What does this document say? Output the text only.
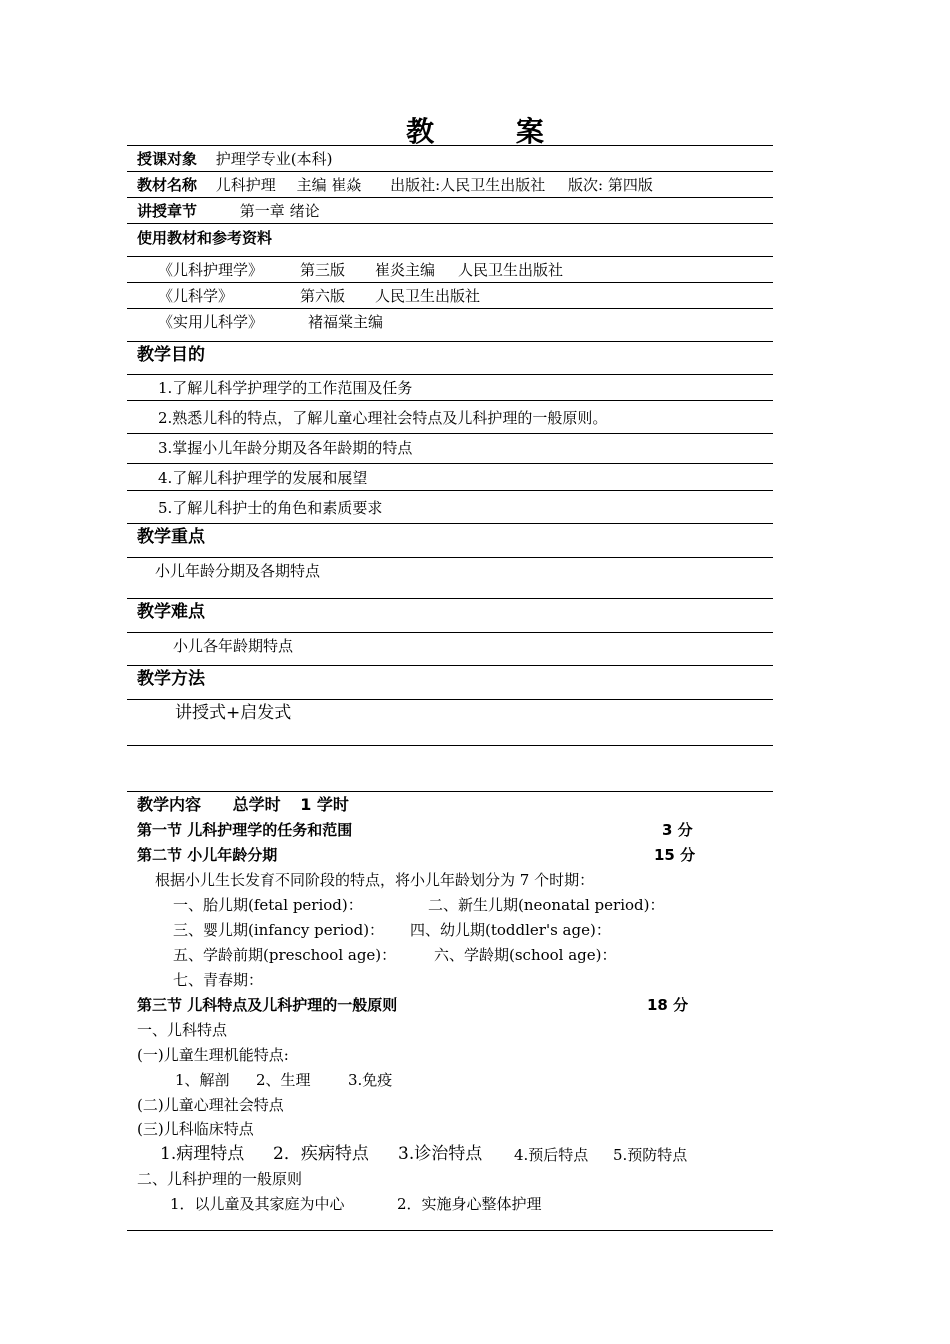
教 案
授课对象 护理学专业(本科)
教材名称 儿科护理 主编 崔焱 出版社:人民卫生出版社 版次: 第四版
讲授章节	第一章 绪论
使用教材和参考资料
《儿科护理学》 第三版 崔炎主编 人民卫生出版社
《儿科学》	第六版 人民卫生出版社
《实用儿科学》	褚福棠主编
教学目的
1.了解儿科学护理学的工作范围及任务
2.熟悉儿科的特点，了解儿童心理社会特点及儿科护理的一般原则。
3.掌握小儿年龄分期及各年龄期的特点
4.了解儿科护理学的发展和展望
5.了解儿科护士的角色和素质要求
教学重点
小儿年龄分期及各期特点
教学难点
小儿各年龄期特点
教学方法
讲授式+启发式
教学内容 总学时 1 学时
第一节 儿科护理学的任务和范围	3 分
第二节 小儿年龄分期	15 分
根据小儿生长发育不同阶段的特点，将小儿年龄划分为 7 个时期：
一、胎儿期(fetal period)：	二、新生儿期(neonatal period)：
三、婴儿期(infancy period)： 四、幼儿期(toddler's age)：
五、学龄前期(preschool age)：	六、学龄期(school age)：
七、青春期：
第三节 儿科特点及儿科护理的一般原则	18 分
一、儿科特点
(一)儿童生理机能特点:
1、解剖 2、生理 3.免疫
(二)儿童心理社会特点
(三)儿科临床特点
1.病理特点 2．疾病特点 3.诊治特点 4.预后特点 5.预防特点
二、儿科护理的一般原则
1．以儿童及其家庭为中心	2．实施身心整体护理
